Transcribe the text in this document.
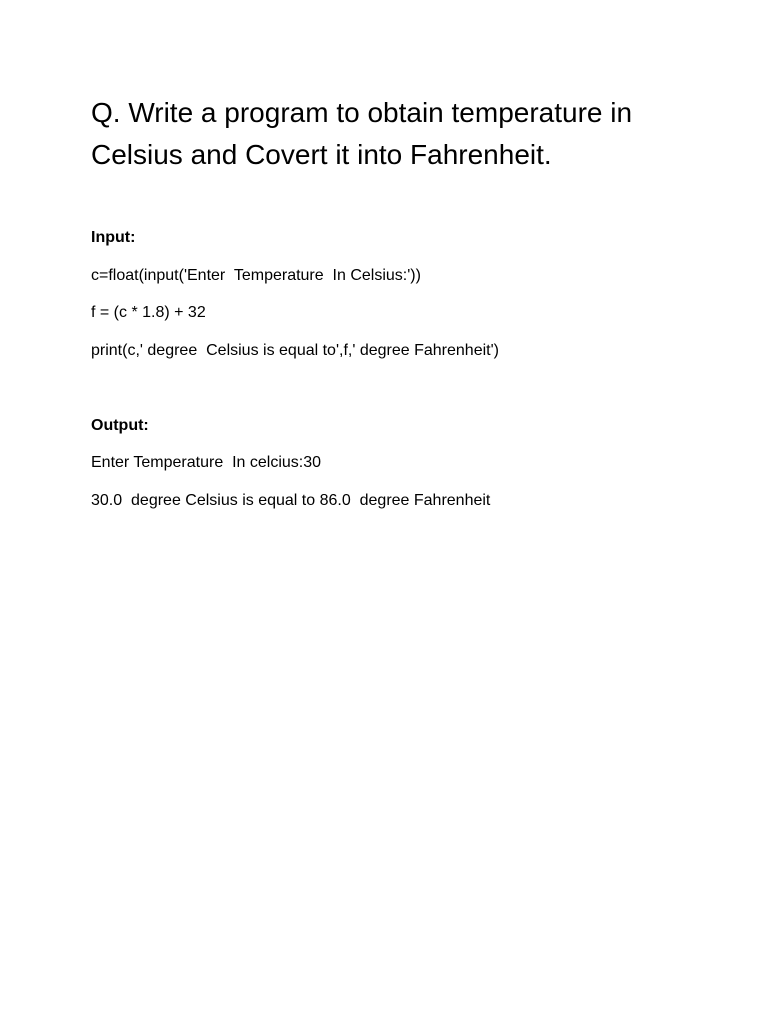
Q. Write a program to obtain temperature in Celsius and Covert it into Fahrenheit.

Input:

c=float(input('Enter  Temperature  In Celsius:'))

f = (c * 1.8) + 32

print(c,' degree  Celsius is equal to',f,' degree Fahrenheit')

Output:

Enter Temperature  In celcius:30

30.0  degree Celsius is equal to 86.0  degree Fahrenheit
